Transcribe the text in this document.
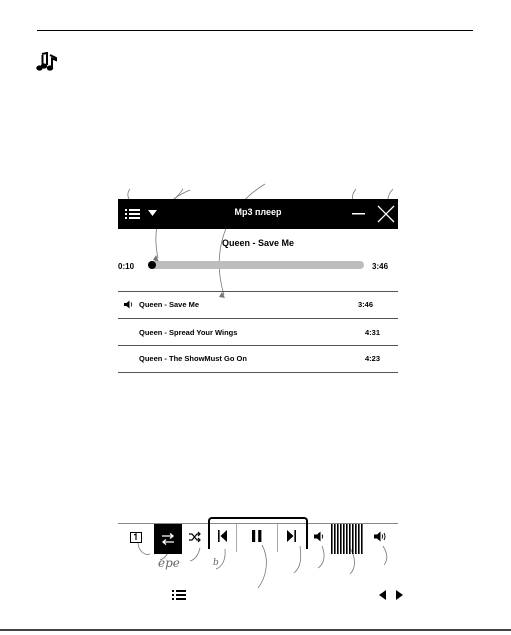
Mp3 плеер
Queen - Save Me
0:10	3:46
Queen - Save Me	3:46
Queen - Spread Your Wings	4:31
Queen - The ShowMust Go On	4:23
ере	b
